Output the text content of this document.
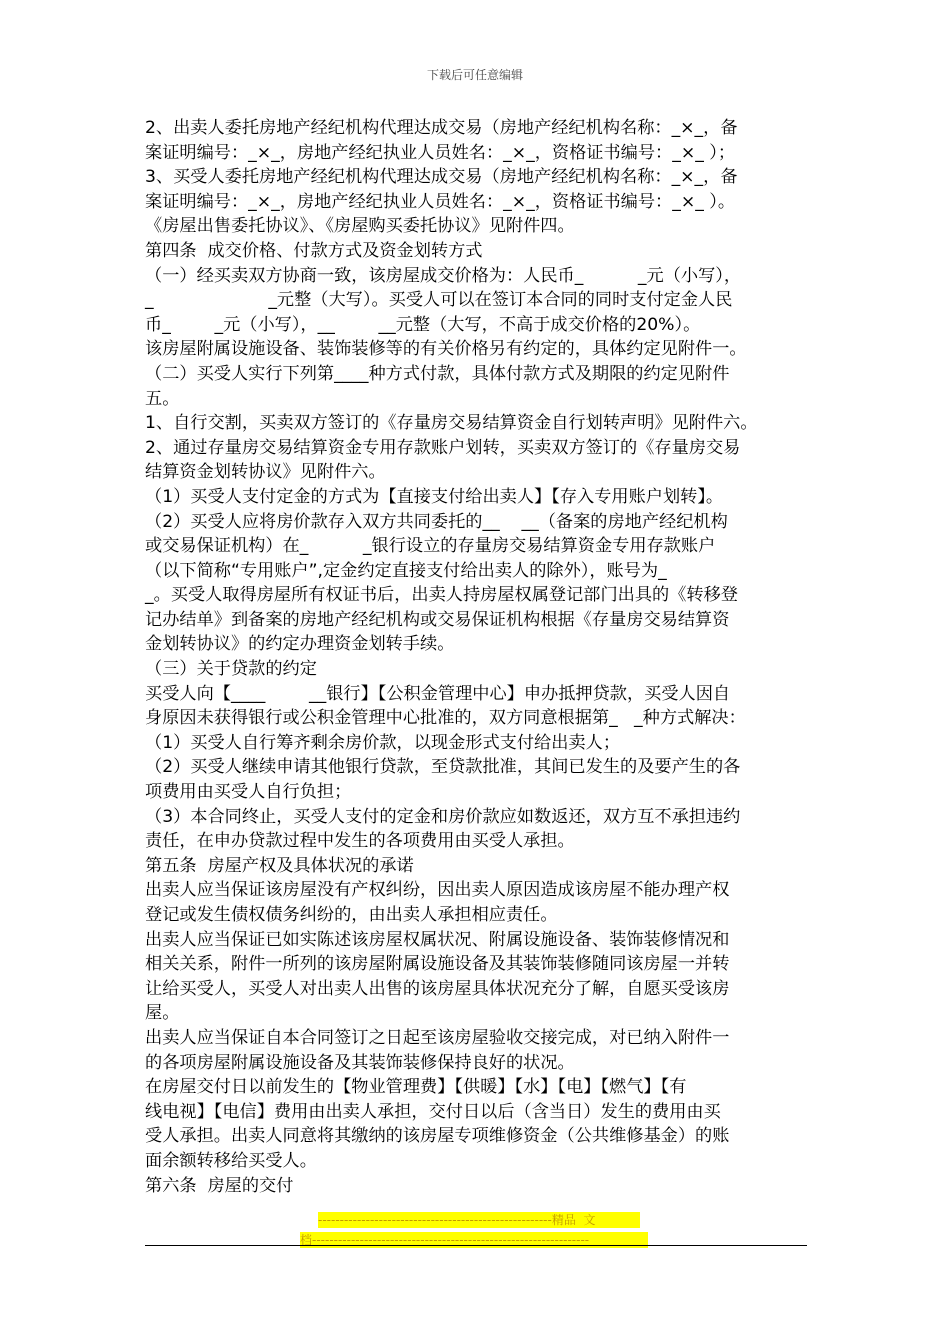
下载后可任意编辑
2、出卖人委托房地产经纪机构代理达成交易（房地产经纪机构名称：_×_，备
案证明编号：_×_，房地产经纪执业人员姓名：_×_，资格证书编号：_×_ ）；
3、买受人委托房地产经纪机构代理达成交易（房地产经纪机构名称：_×_，备
案证明编号：_×_，房地产经纪执业人员姓名：_×_，资格证书编号：_×_ ）。
《房屋出售委托协议》、《房屋购买委托协议》见附件四。
第四条  成交价格、付款方式及资金划转方式
（一）经买卖双方协商一致，该房屋成交价格为：人民币_          _元（小写），
_                     _元整（大写）。买受人可以在签订本合同的同时支付定金人民
币_        _元（小写），__        __元整（大写，不高于成交价格的20%）。
该房屋附属设施设备、装饰装修等的有关价格另有约定的，具体约定见附件一。
（二）买受人实行下列第____种方式付款，具体付款方式及期限的约定见附件
五。
1、自行交割，买卖双方签订的《存量房交易结算资金自行划转声明》见附件六。
2、通过存量房交易结算资金专用存款账户划转，买卖双方签订的《存量房交易
结算资金划转协议》见附件六。
（1）买受人支付定金的方式为【直接支付给出卖人】【存入专用账户划转】。
（2）买受人应将房价款存入双方共同委托的__    __（备案的房地产经纪机构
或交易保证机构）在_          _银行设立的存量房交易结算资金专用存款账户
（以下简称“专用账户”,定金约定直接支付给出卖人的除外），账号为_
_。买受人取得房屋所有权证书后，出卖人持房屋权属登记部门出具的《转移登
记办结单》到备案的房地产经纪机构或交易保证机构根据《存量房交易结算资
金划转协议》的约定办理资金划转手续。
（三）关于贷款的约定
买受人向【____        __银行】【公积金管理中心】申办抵押贷款，买受人因自
身原因未获得银行或公积金管理中心批准的，双方同意根据第_   _种方式解决：
（1）买受人自行筹齐剩余房价款，以现金形式支付给出卖人；
（2）买受人继续申请其他银行贷款，至贷款批准，其间已发生的及要产生的各
项费用由买受人自行负担；
（3）本合同终止，买受人支付的定金和房价款应如数返还，双方互不承担违约
责任，在申办贷款过程中发生的各项费用由买受人承担。
第五条  房屋产权及具体状况的承诺
出卖人应当保证该房屋没有产权纠纷，因出卖人原因造成该房屋不能办理产权
登记或发生债权债务纠纷的，由出卖人承担相应责任。
出卖人应当保证已如实陈述该房屋权属状况、附属设施设备、装饰装修情况和
相关关系，附件一所列的该房屋附属设施设备及其装饰装修随同该房屋一并转
让给买受人，买受人对出卖人出售的该房屋具体状况充分了解，自愿买受该房
屋。
出卖人应当保证自本合同签订之日起至该房屋验收交接完成，对已纳入附件一
的各项房屋附属设施设备及其装饰装修保持良好的状况。
在房屋交付日以前发生的【物业管理费】【供暖】【水】【电】【燃气】【有
线电视】【电信】费用由出卖人承担，交付日以后（含当日）发生的费用由买
受人承担。出卖人同意将其缴纳的该房屋专项维修资金（公共维修基金）的账
面余额转移给买受人。
第六条  房屋的交付
------------------------------------------------------精品  文
档----------------------------------------------------------------
